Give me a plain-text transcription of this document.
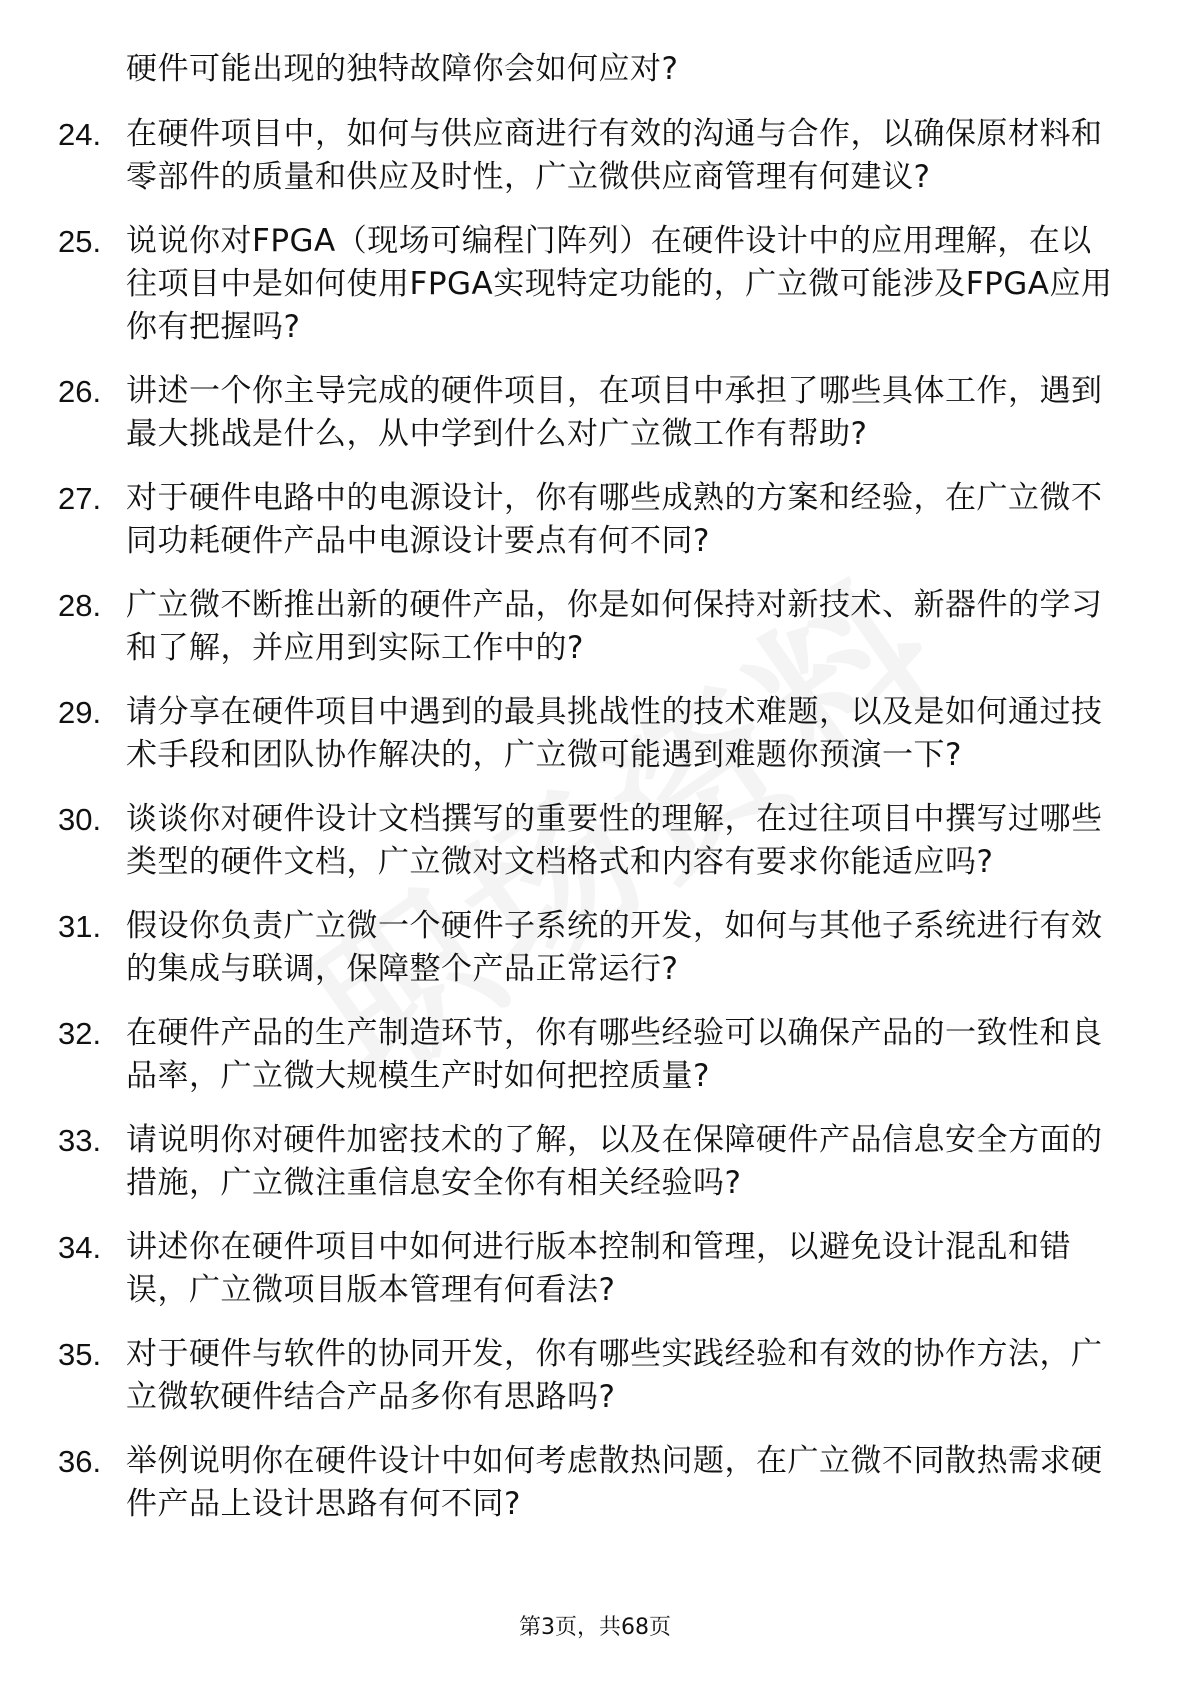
硬件可能出现的独特故障你会如何应对?
24. 在硬件项目中，如何与供应商进行有效的沟通与合作，以确保原材料和零部件的质量和供应及时性，广立微供应商管理有何建议?
25. 说说你对FPGA（现场可编程门阵列）在硬件设计中的应用理解，在以往项目中是如何使用FPGA实现特定功能的，广立微可能涉及FPGA应用你有把握吗?
26. 讲述一个你主导完成的硬件项目，在项目中承担了哪些具体工作，遇到最大挑战是什么，从中学到什么对广立微工作有帮助?
27. 对于硬件电路中的电源设计，你有哪些成熟的方案和经验，在广立微不同功耗硬件产品中电源设计要点有何不同?
28. 广立微不断推出新的硬件产品，你是如何保持对新技术、新器件的学习和了解，并应用到实际工作中的?
29. 请分享在硬件项目中遇到的最具挑战性的技术难题，以及是如何通过技术手段和团队协作解决的，广立微可能遇到难题你预演一下?
30. 谈谈你对硬件设计文档撰写的重要性的理解，在过往项目中撰写过哪些类型的硬件文档，广立微对文档格式和内容有要求你能适应吗?
31. 假设你负责广立微一个硬件子系统的开发，如何与其他子系统进行有效的集成与联调，保障整个产品正常运行?
32. 在硬件产品的生产制造环节，你有哪些经验可以确保产品的一致性和良品率，广立微大规模生产时如何把控质量?
33. 请说明你对硬件加密技术的了解，以及在保障硬件产品信息安全方面的措施，广立微注重信息安全你有相关经验吗?
34. 讲述你在硬件项目中如何进行版本控制和管理，以避免设计混乱和错误，广立微项目版本管理有何看法?
35. 对于硬件与软件的协同开发，你有哪些实践经验和有效的协作方法，广立微软硬件结合产品多你有思路吗?
36. 举例说明你在硬件设计中如何考虑散热问题，在广立微不同散热需求硬件产品上设计思路有何不同?
第3页，共68页
